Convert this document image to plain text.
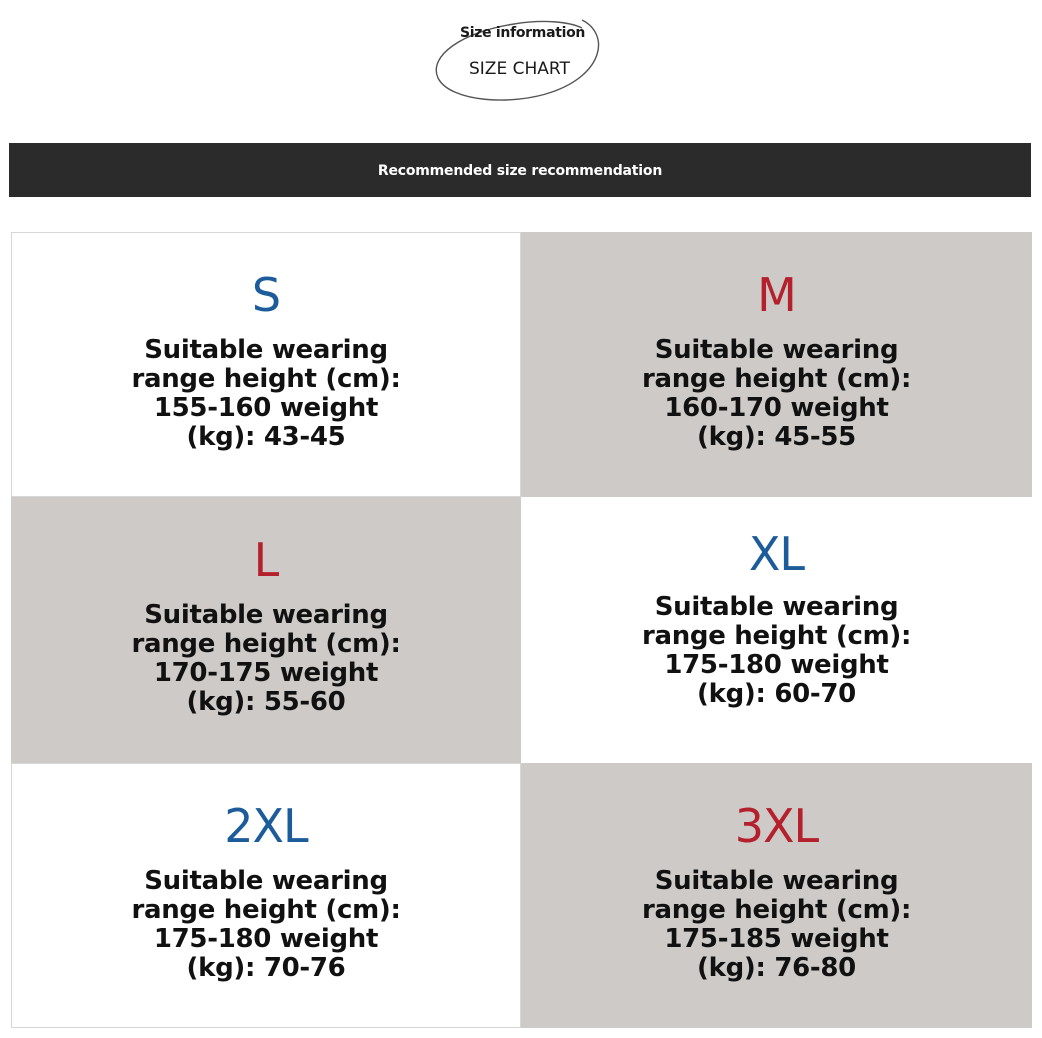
Size information
SIZE CHART
Recommended size recommendation
S
Suitable wearing range height (cm): 155-160 weight (kg): 43-45
M
Suitable wearing range height (cm): 160-170 weight (kg): 45-55
L
Suitable wearing range height (cm): 170-175 weight (kg): 55-60
XL
Suitable wearing range height (cm): 175-180 weight (kg): 60-70
2XL
Suitable wearing range height (cm): 175-180 weight (kg): 70-76
3XL
Suitable wearing range height (cm): 175-185 weight (kg): 76-80
